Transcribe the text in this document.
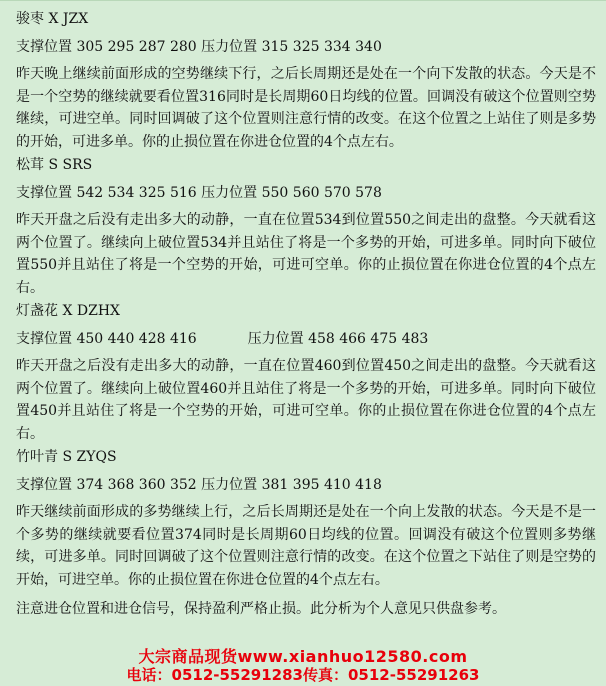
骏枣 X JZX

支撑位置 305 295 287 280 压力位置 315 325 334 340

昨天晚上继续前面形成的空势继续下行，之后长周期还是处在一个向下发散的状态。今天是不是一个空势的继续就要看位置316同时是长周期60日均线的位置。回调没有破这个位置则空势继续，可进空单。同时回调破了这个位置则注意行情的改变。在这个位置之上站住了则是多势的开始，可进多单。你的止损位置在你进仓位置的4个点左右。

松茸 S SRS

支撑位置 542 534 325 516 压力位置 550 560 570 578

昨天开盘之后没有走出多大的动静，一直在位置534到位置550之间走出的盘整。今天就看这两个位置了。继续向上破位置534并且站住了将是一个多势的开始，可进多单。同时向下破位置550并且站住了将是一个空势的开始，可进可空单。你的止损位置在你进仓位置的4个点左右。

灯盏花 X DZHX

支撑位置 450 440 428 416	压力位置 458 466 475 483

昨天开盘之后没有走出多大的动静，一直在位置460到位置450之间走出的盘整。今天就看这两个位置了。继续向上破位置460并且站住了将是一个多势的开始，可进多单。同时向下破位置450并且站住了将是一个空势的开始，可进可空单。你的止损位置在你进仓位置的4个点左右。

竹叶青 S ZYQS

支撑位置 374 368 360 352 压力位置 381 395 410 418

昨天继续前面形成的多势继续上行，之后长周期还是处在一个向上发散的状态。今天是不是一个多势的继续就要看位置374同时是长周期60日均线的位置。回调没有破这个位置则多势继续，可进多单。同时回调破了这个位置则注意行情的改变。在这个位置之下站住了则是空势的开始，可进空单。你的止损位置在你进仓位置的4个点左右。

注意进仓位置和进仓信号，保持盈利严格止损。此分析为个人意见只供盘参考。

大宗商品现货www.xianhuo12580.com
电话：0512-55291283传真：0512-55291263
